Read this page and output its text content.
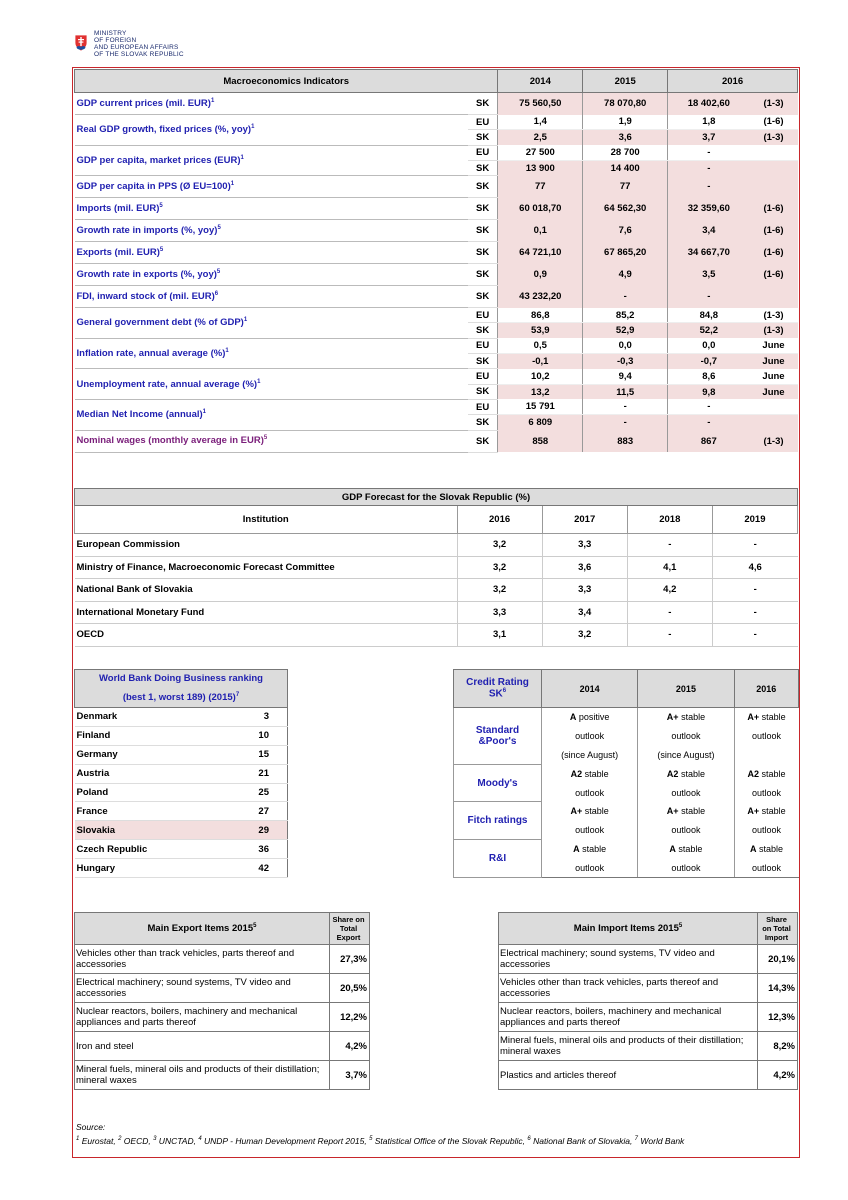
MINISTRY
OF FOREIGN
AND EUROPEAN AFFAIRS
OF THE SLOVAK REPUBLIC
Macroeconomics Indicators		2014	2015	2016	
GDP current prices (mil. EUR)$^1$	SK	75 560,50	78 070,80	18 402,60	(1-3)
Real GDP growth, fixed prices (%, yoy)$^1$	EU	1,4	1,9	1,8	(1-6)
	SK	2,5	3,6	3,7	(1-3)
GDP per capita, market prices (EUR)$^1$	EU	27 500	28 700	-	
	SK	13 900	14 400	-	
GDP per capita in PPS (Ø EU=100)$^1$	SK	77	77	-	
Imports (mil. EUR)$^5$	SK	60 018,70	64 562,30	32 359,60	(1-6)
Growth rate in imports (%, yoy)$^5$	SK	0,1	7,6	3,4	(1-6)
Exports (mil. EUR)$^5$	SK	64 721,10	67 865,20	34 667,70	(1-6)
Growth rate in exports (%, yoy)$^5$	SK	0,9	4,9	3,5	(1-6)
FDI, inward stock of (mil. EUR)$^6$	SK	43 232,20	-	-	
General government debt (% of GDP)$^1$	EU	86,8	85,2	84,8	(1-3)
	SK	53,9	52,9	52,2	(1-3)
Inflation rate, annual average (%)$^1$	EU	0,5	0,0	0,0	June
	SK	-0,1	-0,3	-0,7	June
Unemployment rate, annual average (%)$^1$	EU	10,2	9,4	8,6	June
	SK	13,2	11,5	9,8	June
Median Net Income (annual)$^1$	EU	15 791	-	-	
	SK	6 809	-	-	
Nominal wages (monthly average in EUR)$^5$	SK	858	883	867	(1-3)
GDP Forecast for the Slovak Republic (%)				
Institution	2016	2017	2018	2019
European Commission	3,2	3,3	-	-
Ministry of Finance, Macroeconomic Forecast Committee	3,2	3,6	4,1	4,6
National Bank of Slovakia	3,2	3,3	4,2	-
International Monetary Fund	3,3	3,4	-	-
OECD	3,1	3,2	-	-
World Bank Doing Business ranking
(best 1, worst 189) $(2015)^7$
Denmark	3
Finland	10
Germany	15
Austria	21
Poland	25
France	27
Slovakia	29
Czech Republic	36
Hungary	42
Credit Rating
$SK^6$	2014	2015	2016
Standard
&Poor's	A positive	A+ stable	A+ stable
	outlook	outlook	outlook
	(since August)	(since August)	
Moody's	A2 stable	A2 stable	A2 stable
	outlook	outlook	outlook
Fitch ratings	A+ stable	A+ stable	A+ stable
	outlook	outlook	outlook
R&I	A stable	A stable	A stable
	outlook	outlook	outlook
Main Export Items 2015$^5$	Share on
Total
Export
Vehicles other than track vehicles, parts thereof and accessories	27,3%
Electrical machinery; sound systems, TV video and accessories	20,5%
Nuclear reactors, boilers, machinery and mechanical appliances and parts thereof	12,2%
Iron and steel	4,2%
Mineral fuels, mineral oils and products of their distillation; mineral waxes	3,7%
Main Import Items 2015$^5$	Share
on Total
Import
Electrical machinery; sound systems, TV video and accessories	20,1%
Vehicles other than track vehicles, parts thereof and accessories	14,3%
Nuclear reactors, boilers, machinery and mechanical appliances and parts thereof	12,3%
Mineral fuels, mineral oils and products of their distillation; mineral waxes	8,2%
Plastics and articles thereof	4,2%
Source:
$^1$ Eurostat, $^2$ OECD, $^3$ UNCTAD, $^4$ UNDP - Human Development Report 2015, $^5$ Statistical Office of the Slovak Republic, $^6$ National Bank of Slovakia, $^7$ World Bank
